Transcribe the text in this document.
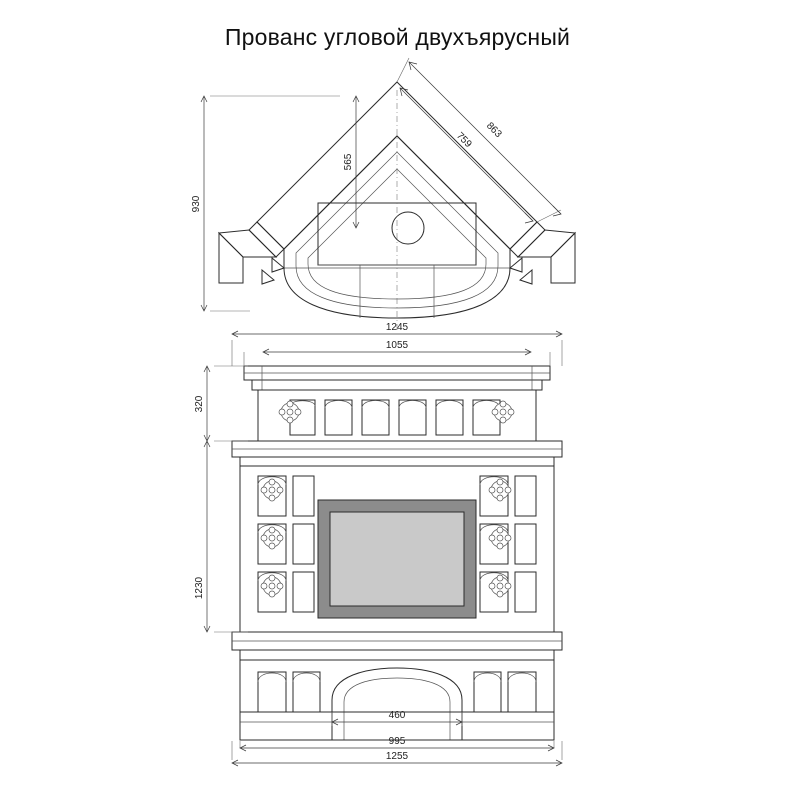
Прованс угловой двухъярусный
930
565
863
759
1245
1055
320
1230
460
995
1255
